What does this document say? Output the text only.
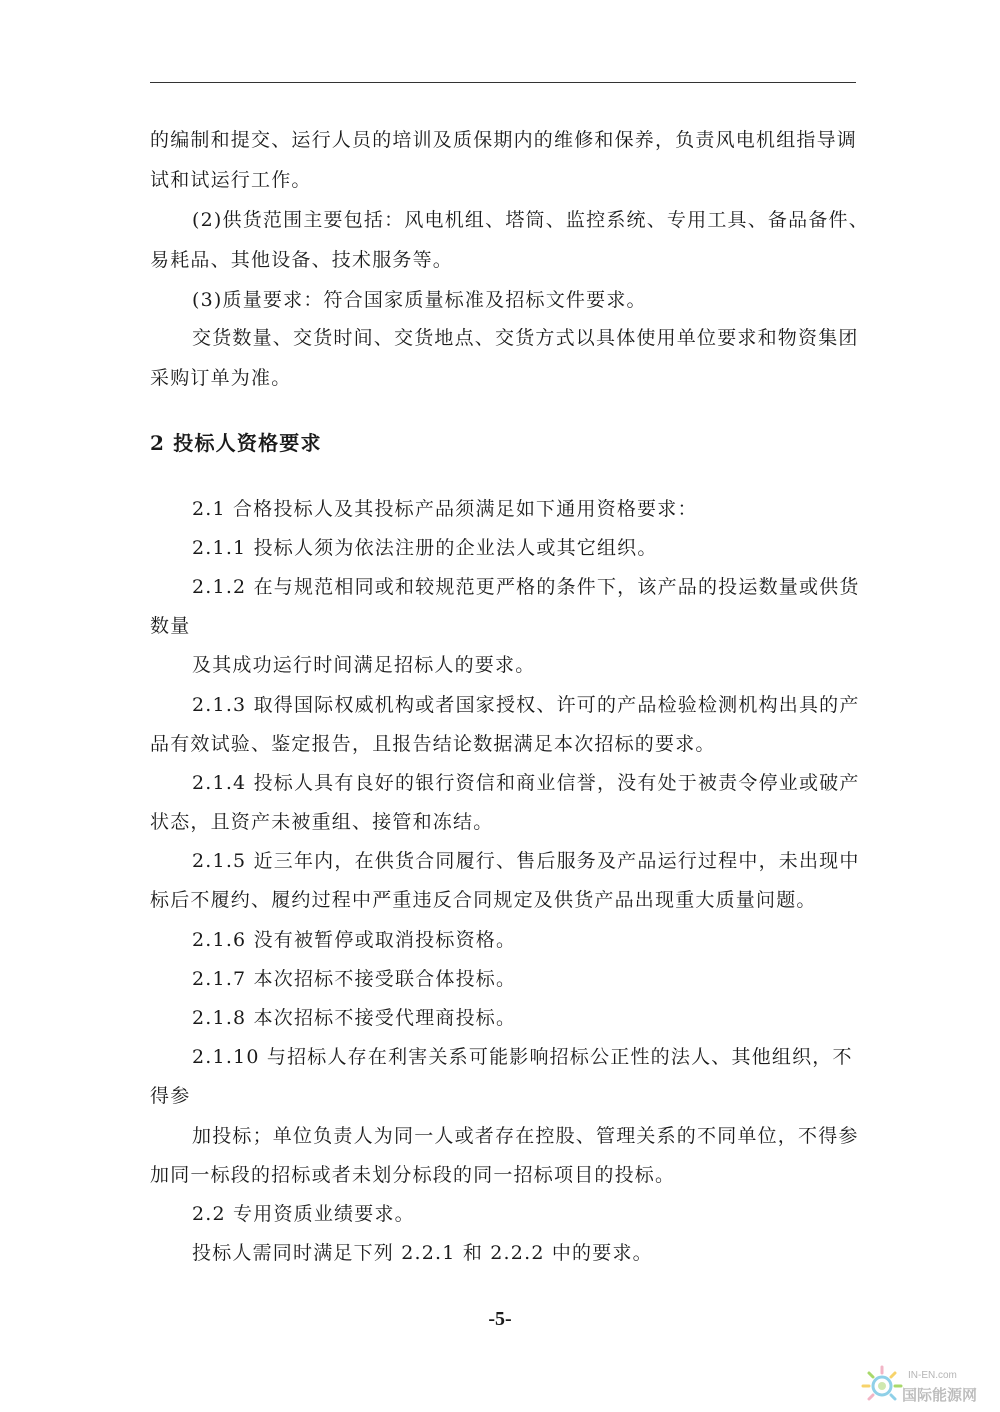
的编制和提交、运行人员的培训及质保期内的维修和保养，负责风电机组指导调
试和试运行工作。
(2)供货范围主要包括：风电机组、塔筒、监控系统、专用工具、备品备件、
易耗品、其他设备、技术服务等。
(3)质量要求：符合国家质量标准及招标文件要求。
交货数量、交货时间、交货地点、交货方式以具体使用单位要求和物资集团
采购订单为准。
2 投标人资格要求
2.1 合格投标人及其投标产品须满足如下通用资格要求：
2.1.1 投标人须为依法注册的企业法人或其它组织。
2.1.2 在与规范相同或和较规范更严格的条件下，该产品的投运数量或供货
数量
及其成功运行时间满足招标人的要求。
2.1.3 取得国际权威机构或者国家授权、许可的产品检验检测机构出具的产
品有效试验、鉴定报告，且报告结论数据满足本次招标的要求。
2.1.4 投标人具有良好的银行资信和商业信誉，没有处于被责令停业或破产
状态，且资产未被重组、接管和冻结。
2.1.5 近三年内，在供货合同履行、售后服务及产品运行过程中，未出现中
标后不履约、履约过程中严重违反合同规定及供货产品出现重大质量问题。
2.1.6 没有被暂停或取消投标资格。
2.1.7 本次招标不接受联合体投标。
2.1.8 本次招标不接受代理商投标。
2.1.10 与招标人存在利害关系可能影响招标公正性的法人、其他组织，不
得参
加投标；单位负责人为同一人或者存在控股、管理关系的不同单位，不得参
加同一标段的招标或者未划分标段的同一招标项目的投标。
2.2 专用资质业绩要求。
投标人需同时满足下列 2.2.1 和 2.2.2 中的要求。
-5-
IN-EN.com
国际能源网
